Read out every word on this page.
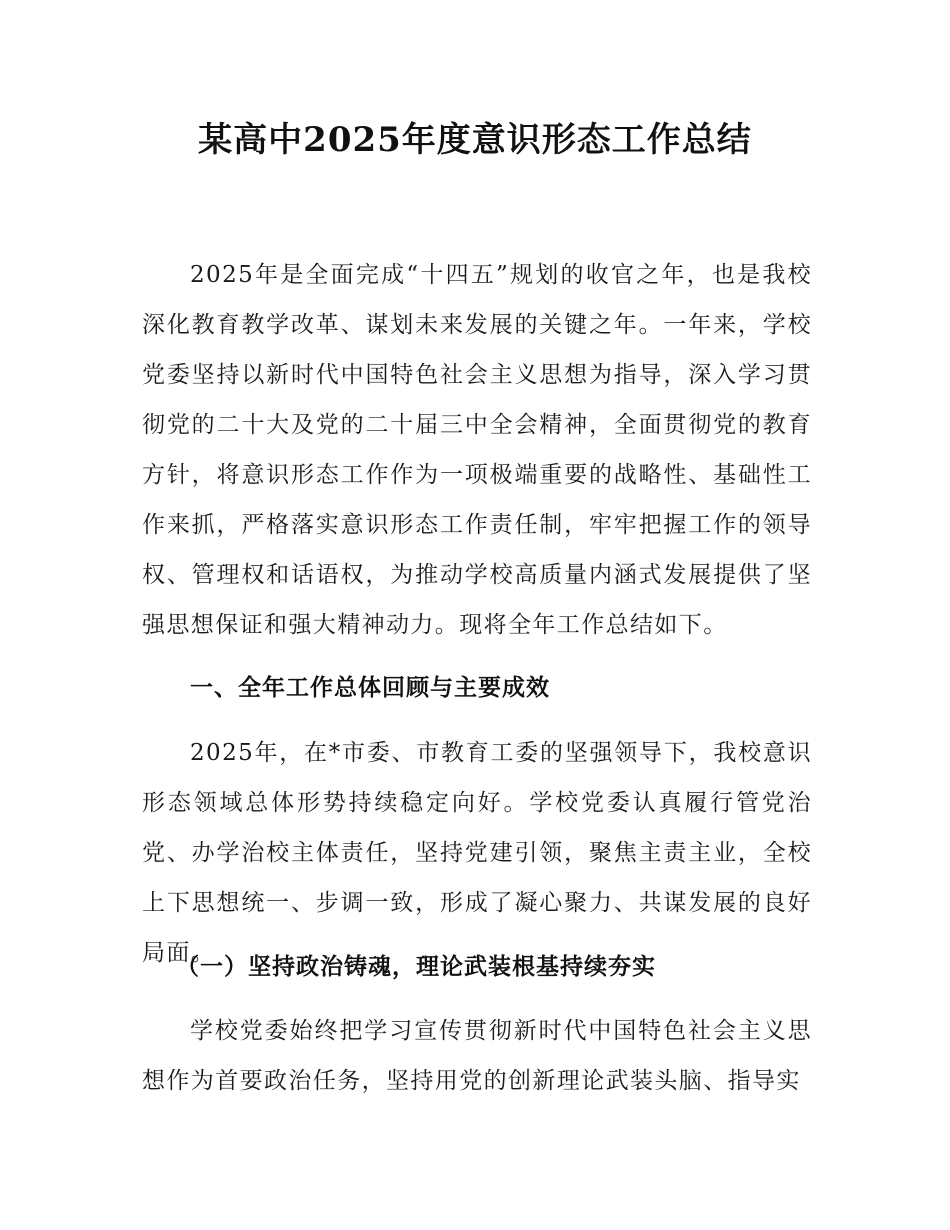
某高中2025年度意识形态工作总结

2025年是全面完成“十四五”规划的收官之年，也是我校深化教育教学改革、谋划未来发展的关键之年。一年来，学校党委坚持以新时代中国特色社会主义思想为指导，深入学习贯彻党的二十大及党的二十届三中全会精神，全面贯彻党的教育方针，将意识形态工作作为一项极端重要的战略性、基础性工作来抓，严格落实意识形态工作责任制，牢牢把握工作的领导权、管理权和话语权，为推动学校高质量内涵式发展提供了坚强思想保证和强大精神动力。现将全年工作总结如下。

一、全年工作总体回顾与主要成效

2025年，在*市委、市教育工委的坚强领导下，我校意识形态领域总体形势持续稳定向好。学校党委认真履行管党治党、办学治校主体责任，坚持党建引领，聚焦主责主业，全校上下思想统一、步调一致，形成了凝心聚力、共谋发展的良好局面。

（一）坚持政治铸魂，理论武装根基持续夯实

学校党委始终把学习宣传贯彻新时代中国特色社会主义思想作为首要政治任务，坚持用党的创新理论武装头脑、指导实
